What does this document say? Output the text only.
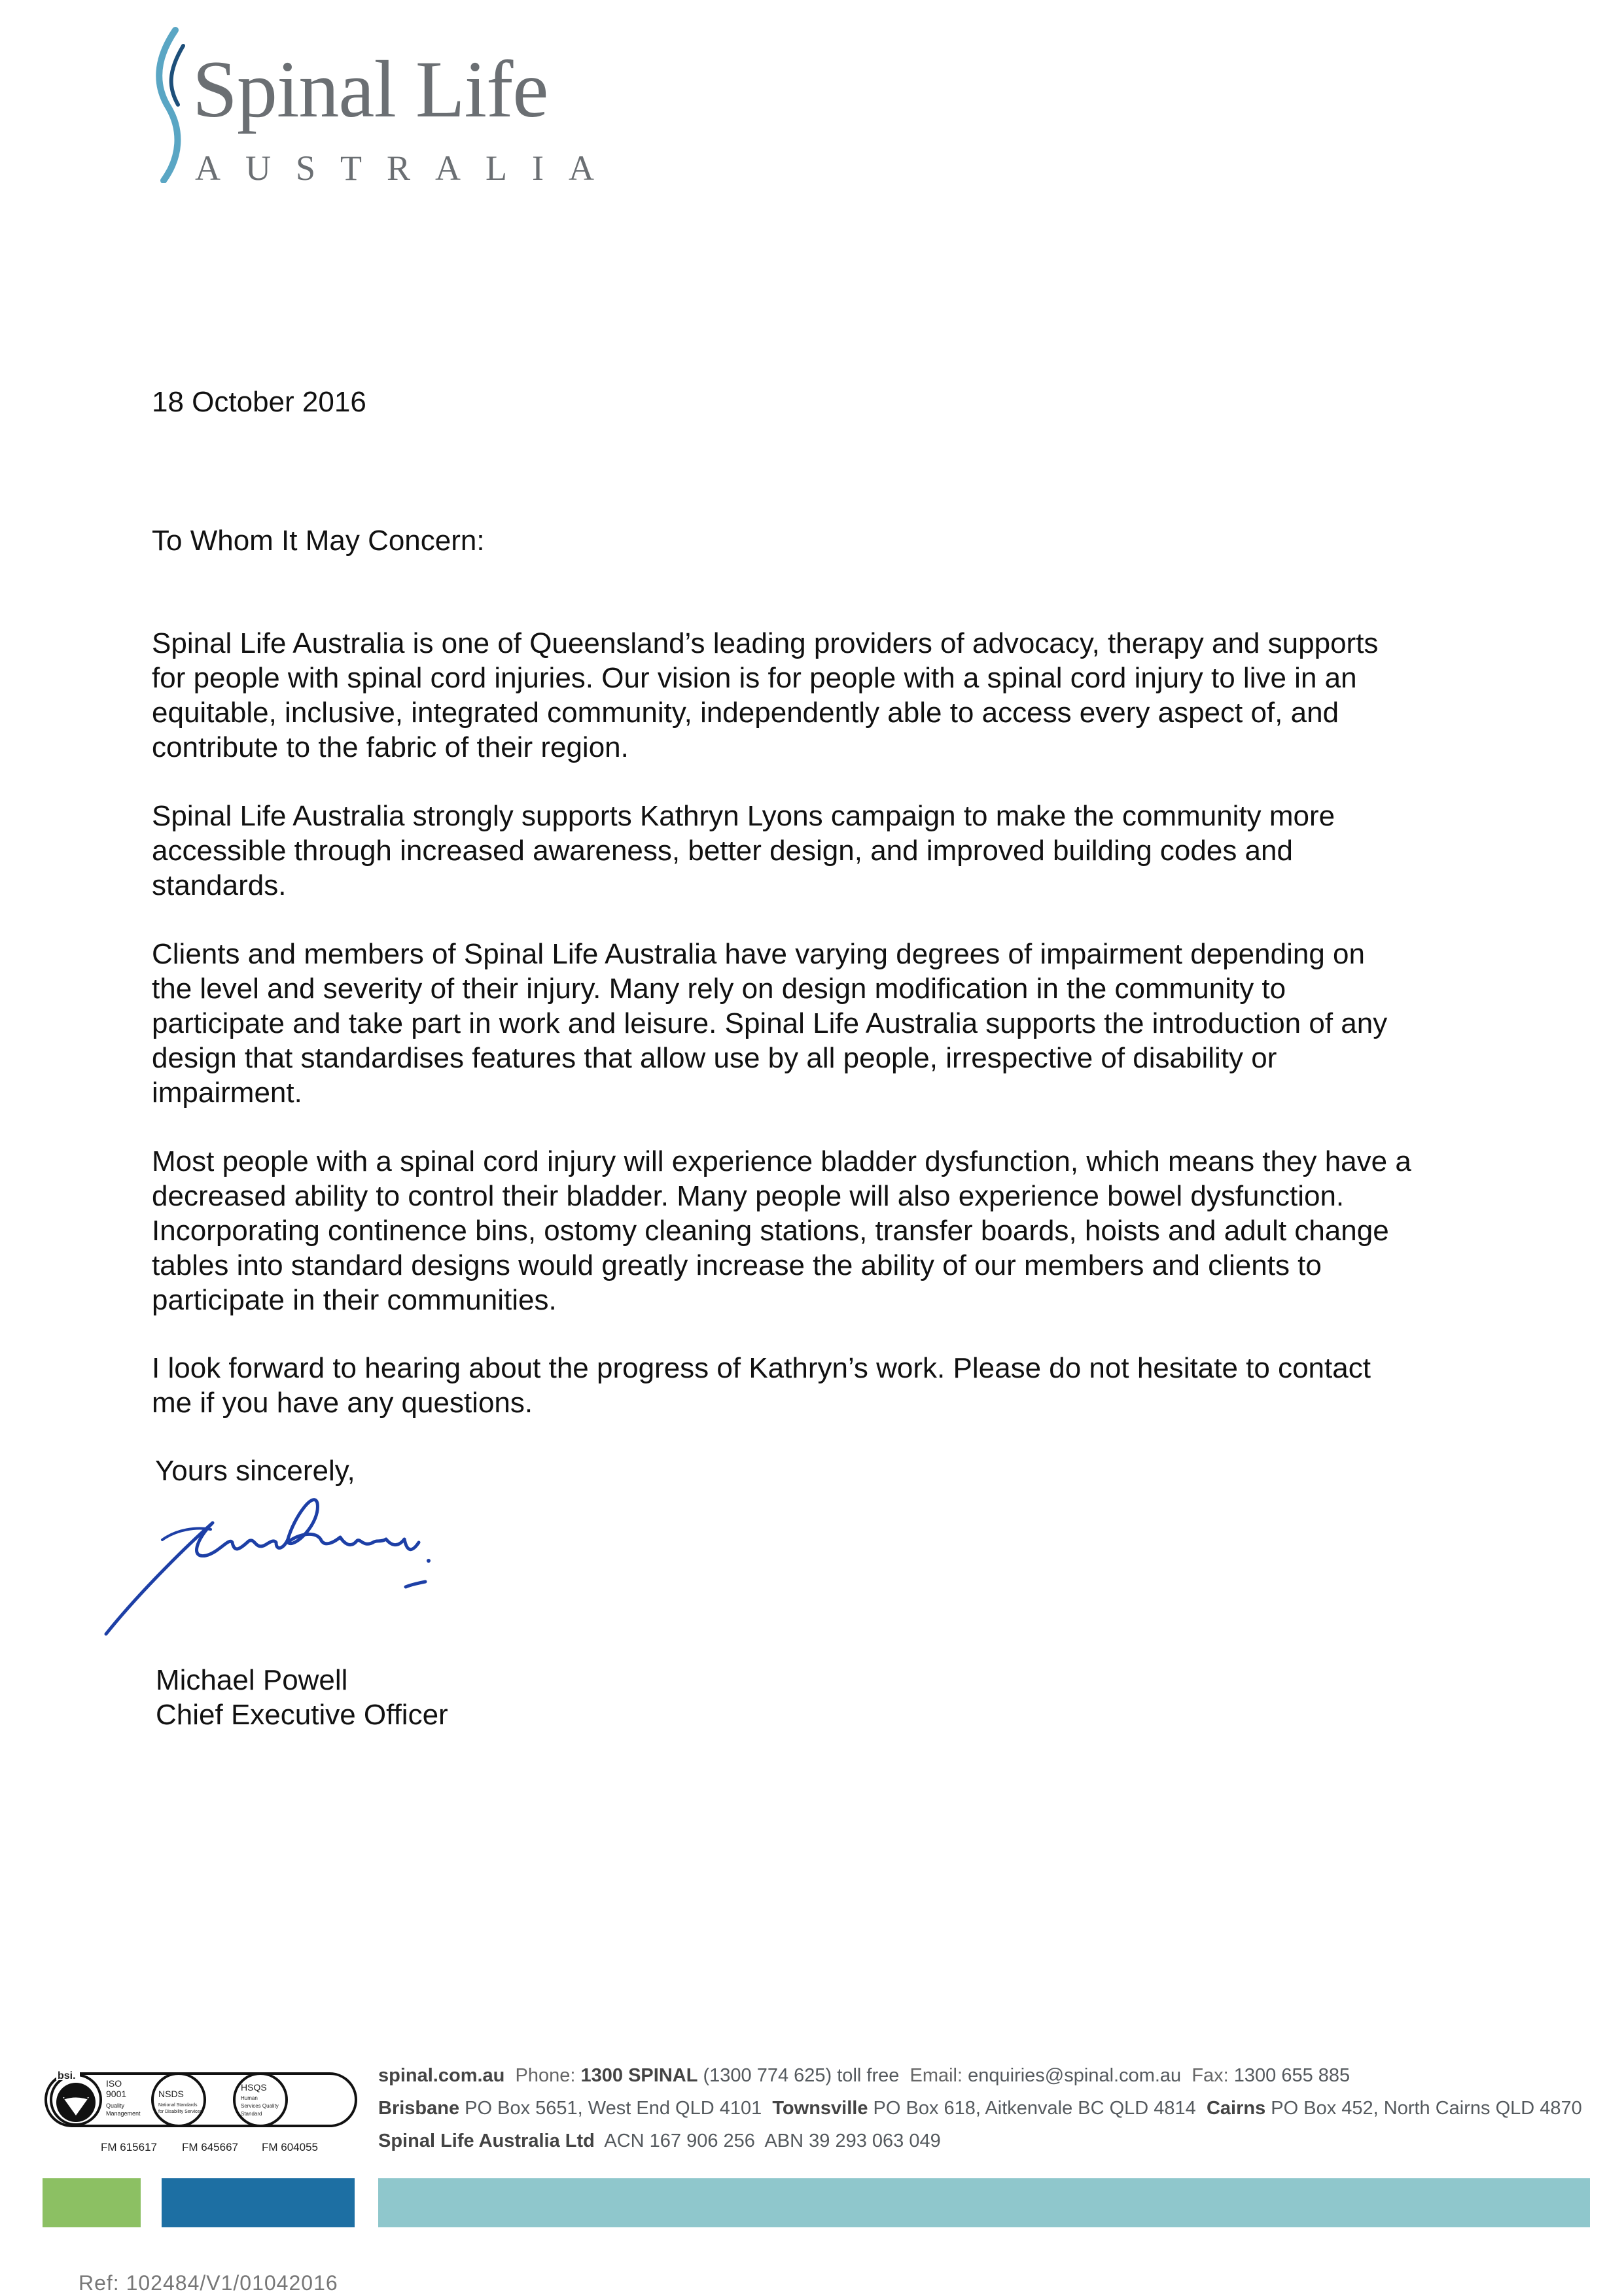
Spinal Life
AUSTRALIA
18 October 2016
To Whom It May Concern:
Spinal Life Australia is one of Queensland’s leading providers of advocacy, therapy and supports
for people with spinal cord injuries. Our vision is for people with a spinal cord injury to live in an
equitable, inclusive, integrated community, independently able to access every aspect of, and
contribute to the fabric of their region.
Spinal Life Australia strongly supports Kathryn Lyons campaign to make the community more
accessible through increased awareness, better design, and improved building codes and
standards.
Clients and members of Spinal Life Australia have varying degrees of impairment depending on
the level and severity of their injury. Many rely on design modification in the community to
participate and take part in work and leisure. Spinal Life Australia supports the introduction of any
design that standardises features that allow use by all people, irrespective of disability or
impairment.
Most people with a spinal cord injury will experience bladder dysfunction, which means they have a
decreased ability to control their bladder. Many people will also experience bowel dysfunction.
Incorporating continence bins, ostomy cleaning stations, transfer boards, hoists and adult change
tables into standard designs would greatly increase the ability of our members and clients to
participate in their communities.
I look forward to hearing about the progress of Kathryn’s work. Please do not hesitate to contact
me if you have any questions.
Yours sincerely,
Michael Powell
Chief Executive Officer
bsi.
ISO
9001
Quality
Management
NSDS
National Standards
for Disability Services
HSQS
Human
Services Quality
Standard
FM 615617 FM 645667 FM 604055
spinal.com.au Phone: 1300 SPINAL (1300 774 625) toll free Email: enquiries@spinal.com.au Fax: 1300 655 885
Brisbane PO Box 5651, West End QLD 4101 Townsville PO Box 618, Aitkenvale BC QLD 4814 Cairns PO Box 452, North Cairns QLD 4870
Spinal Life Australia Ltd ACN 167 906 256 ABN 39 293 063 049
Ref: 102484/V1/01042016
